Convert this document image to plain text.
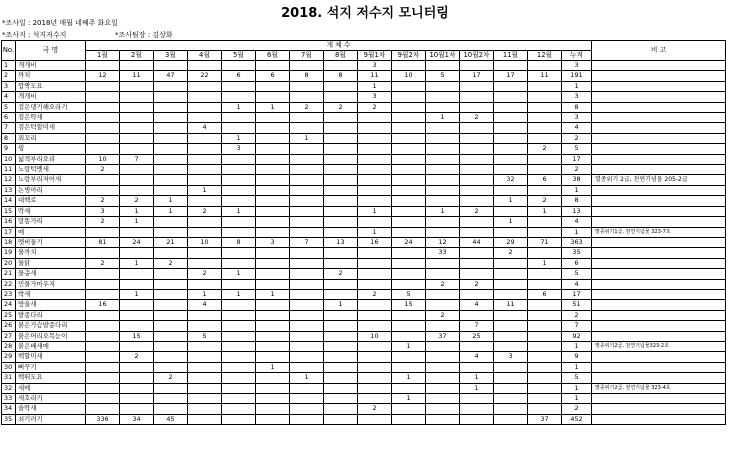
2018. 석지 저수지 모니터링
*조사일 : 2018년 매월 네째주 화요일
*조사지 : 석지저수지	*조사팀장 : 김상화
No.	국 명	개 체 수															비 고
		1월	2월	3월	4월	5월	6월	7월	8월	9월1차	9월2차	10월1차	10월2차	11월	12월	누적	
1	개개비									3						3	
2	까치	12	11	47	22	6	6	8	8	11	10	5	17	17	11	191	
3	깝짝도요									1						1	
4	개개비									3						3	
5	검은댕기해오라기					1	1	2	2	2						8	
6	검은딱새											1	2			3	
7	검은턱할미새				4											4	
8	꾀꼬리					1		1								2	
9	꿩					3									2	5	
10	넓적부리오리	10	7													17	
11	노랑턱멧새	2														2	
12	노랑부리저어새													32	6	38	멸종위기 2급, 천연기념물 205-2급
13	논병아리				1											1	
14	대백로	2	2	1										1	2	8	
15	딱새	3	1	1	2	1				1		1	2		1	13	
16	말똥가리	2	1											1		4	
17	매									1						1	멸종위기1급, 천연기념물 323-7호
18	멧비둘기	81	24	21	10	8	3	7	13	16	24	12	44	29	71	363	
19	물까치											33		2		35	
20	물닭	2	1	2											1	6	
21	물총새				2	1			2							5	
22	민물가마우지											2	2			4	
23	박새		1		1	1	1			2	5				6	17	
24	방울새	16			4				1		15		4	11		51	
25	발종다리											2				2	
26	붉은가슴밭종다리												7			7	
27	붉은머리오목눈이		15		5					10		37	25			92	
28	붉은배새매										1					1	멸종위기2급, 천연기념물323-2호
29	백할미새		2										4	3		9	
30	뻐꾸기						1									1	
31	백뛰도요			2				1			1		1			5	
32	새매												1			1	멸종위기2급, 천연기념물 323-4호
33	새호리기										1					1	
34	솔딱새									2						2	
35	쇠기러기	336	34	45											37	452	
